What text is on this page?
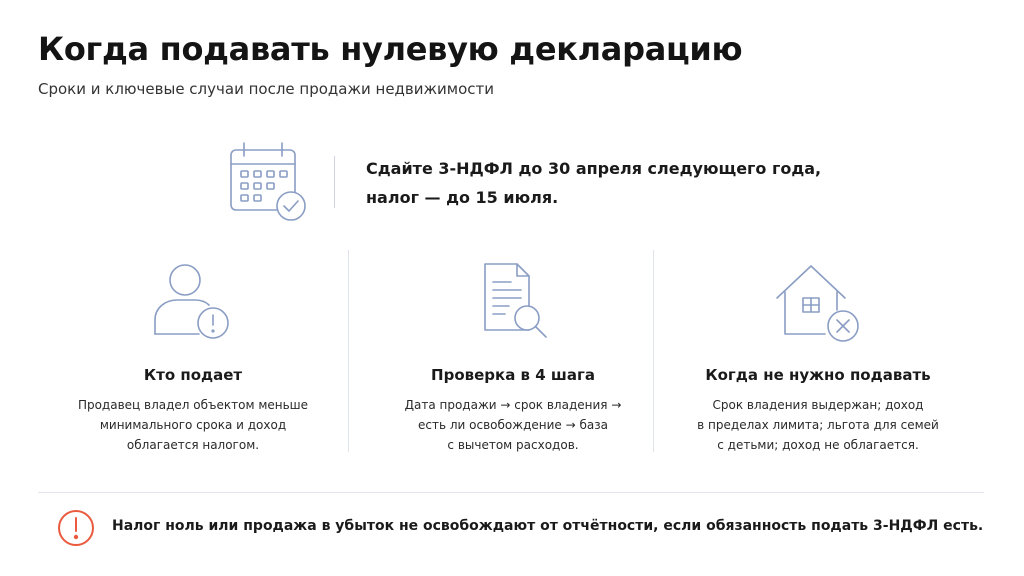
Когда подавать нулевую декларацию
Сроки и ключевые случаи после продажи недвижимости
Сдайте 3-НДФЛ до 30 апреля следующего года,
налог — до 15 июля.
Кто подает
Продавец владел объектом меньше
минимального срока и доход
облагается налогом.
Проверка в 4 шага
Дата продажи → срок владения →
есть ли освобождение → база
с вычетом расходов.
Когда не нужно подавать
Срок владения выдержан; доход
в пределах лимита; льгота для семей
с детьми; доход не облагается.
Налог ноль или продажа в убыток не освобождают от отчётности, если обязанность подать 3-НДФЛ есть.
